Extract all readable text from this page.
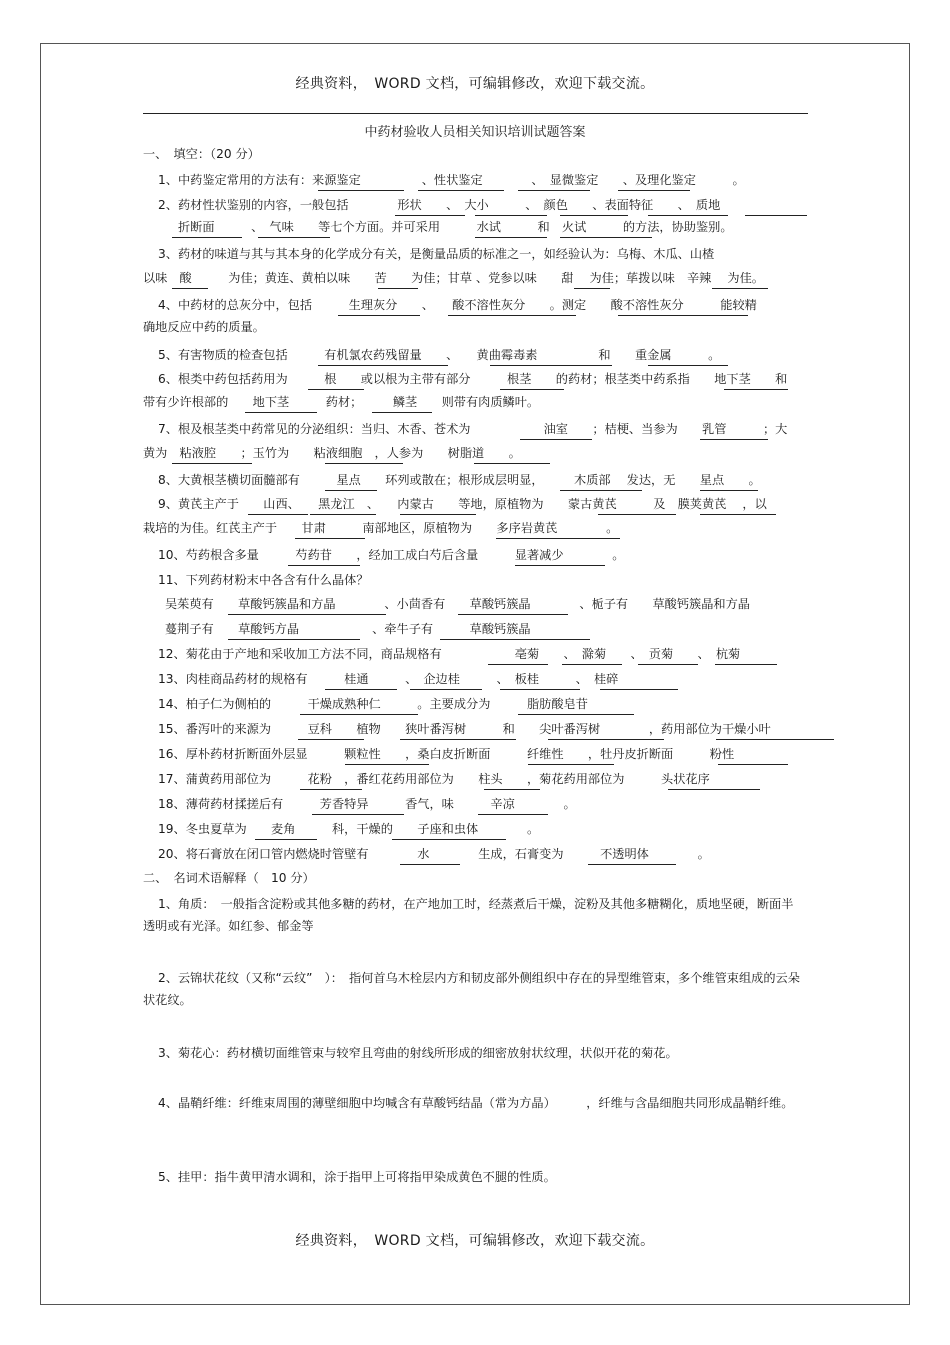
经典资料，　WORD 文档，可编辑修改，欢迎下载交流。
中药材验收人员相关知识培训试题答案
一、　填空：（20 分）
1、中药鉴定常用的方法有：来源鉴定　　　　　、性状鉴定　　　　、　显微鉴定　　、及理化鉴定　　　。
2、药材性状鉴别的内容，一般包括　　　　形状　　、　大小　　　、　颜色　　、表面特征　　、　质地
折断面　　　、　气味　　等七个方面。并可采用　　　水试　　　和　火试　　　的方法，协助鉴别。
3、药材的味道与其与其本身的化学成分有关，是衡量品质的标准之一，如经验认为：乌梅、木瓜、山楂
以味　酸　　　为佳；黄连、黄柏以味　　苦　　为佳；甘草 、党参以味　　甜　 为佳；荜拨以味　辛辣　 为佳。
4、中药材的总灰分中，包括　　　生理灰分　　、　　酸不溶性灰分　　。测定　　酸不溶性灰分　　　能较精
确地反应中药的质量。
5、有害物质的检查包括　　　有机氯农药残留量　　、　　黄曲霉毒素　　　　　和　　重金属　　　。
6、根类中药包括药用为　　　根　　或以根为主带有部分　　　根茎　　的药材；根茎类中药系指　　地下茎　　和
带有少许根部的　　地下茎　　　药材；　　　鳞茎　　则带有肉质鳞叶。
7、根及根茎类中药常见的分泌组织：当归、木香、苍术为　　　　　　油室　　；桔梗、当参为　　乳管　　　；大
黄为　粘液腔　　；玉竹为　　粘液细胞　，人参为　　树脂道　　。
8、大黄根茎横切面髓部有　　　星点　　环列或散在；根形成层明显，　　　木质部　 发达，无　　星点　　。
9、黄芪主产于　　山西、　　黑龙江　、　　内蒙古　　等地，原植物为　　蒙古黄芪　　　及　膜荚黄芪　 ，以
栽培的为佳。红芪主产于　　甘肃　　　南部地区，原植物为　　多序岩黄芪　　　　。
10、芍药根含多量　　　芍药苷　　，经加工成白芍后含量　　　显著减少　　　　。
11、下列药材粉末中各含有什么晶体？
吴茱萸有　　草酸钙簇晶和方晶　　　　、小茴香有　　草酸钙簇晶　　　　、栀子有　　草酸钙簇晶和方晶
蔓荆子有　　草酸钙方晶　　　　　　、牵牛子有　　　草酸钙簇晶
12、菊花由于产地和采收加工方法不同，商品规格有　　　　　　亳菊　　、　滁菊　　、　贡菊　　、　杭菊
13、肉桂商品药材的规格有　　　桂通　　　、　企边桂　　　、　板桂　　　、　桂碎
14、柏子仁为侧柏的　　　干燥成熟种仁　　　。主要成分为　　　脂肪酸皂苷
15、番泻叶的来源为　　　豆科　　植物　　狭叶番泻树　　　和　　尖叶番泻树　　　　，药用部位为干燥小叶
16、厚朴药材折断面外层显　　　颗粒性　　，桑白皮折断面　　　纤维性　　，牡丹皮折断面　　　粉性
17、蒲黄药用部位为　　　花粉　，番红花药用部位为　　柱头　　，菊花药用部位为　　　头状花序
18、薄荷药材揉搓后有　　　芳香特异　　　香气，味　　　辛凉　　　　。
19、冬虫夏草为　　麦角　　　科，干燥的　　子座和虫体　　　　。
20、将石膏放在闭口管内燃烧时管壁有　　　　水　　　　生成，石膏变为　　　不透明体　　　　。
二、　名词术语解释（　10 分）
1、角质：　一般指含淀粉或其他多糖的药材，在产地加工时，经蒸煮后干燥，淀粉及其他多糖糊化，质地坚硬，断面半透明或有光泽。如红参、郁金等
2、云锦状花纹（又称“云纹”　）：　指何首乌木栓层内方和韧皮部外侧组织中存在的异型维管束，多个维管束组成的云朵状花纹。
3、菊花心：药材横切面维管束与较窄且弯曲的射线所形成的细密放射状纹理，状似开花的菊花。
4、晶鞘纤维：纤维束周围的薄壁细胞中均喊含有草酸钙结晶（常为方晶）　　　，纤维与含晶细胞共同形成晶鞘纤维。
5、挂甲：指牛黄甲清水调和，涂于指甲上可将指甲染成黄色不腿的性质。
经典资料，　WORD 文档，可编辑修改，欢迎下载交流。
